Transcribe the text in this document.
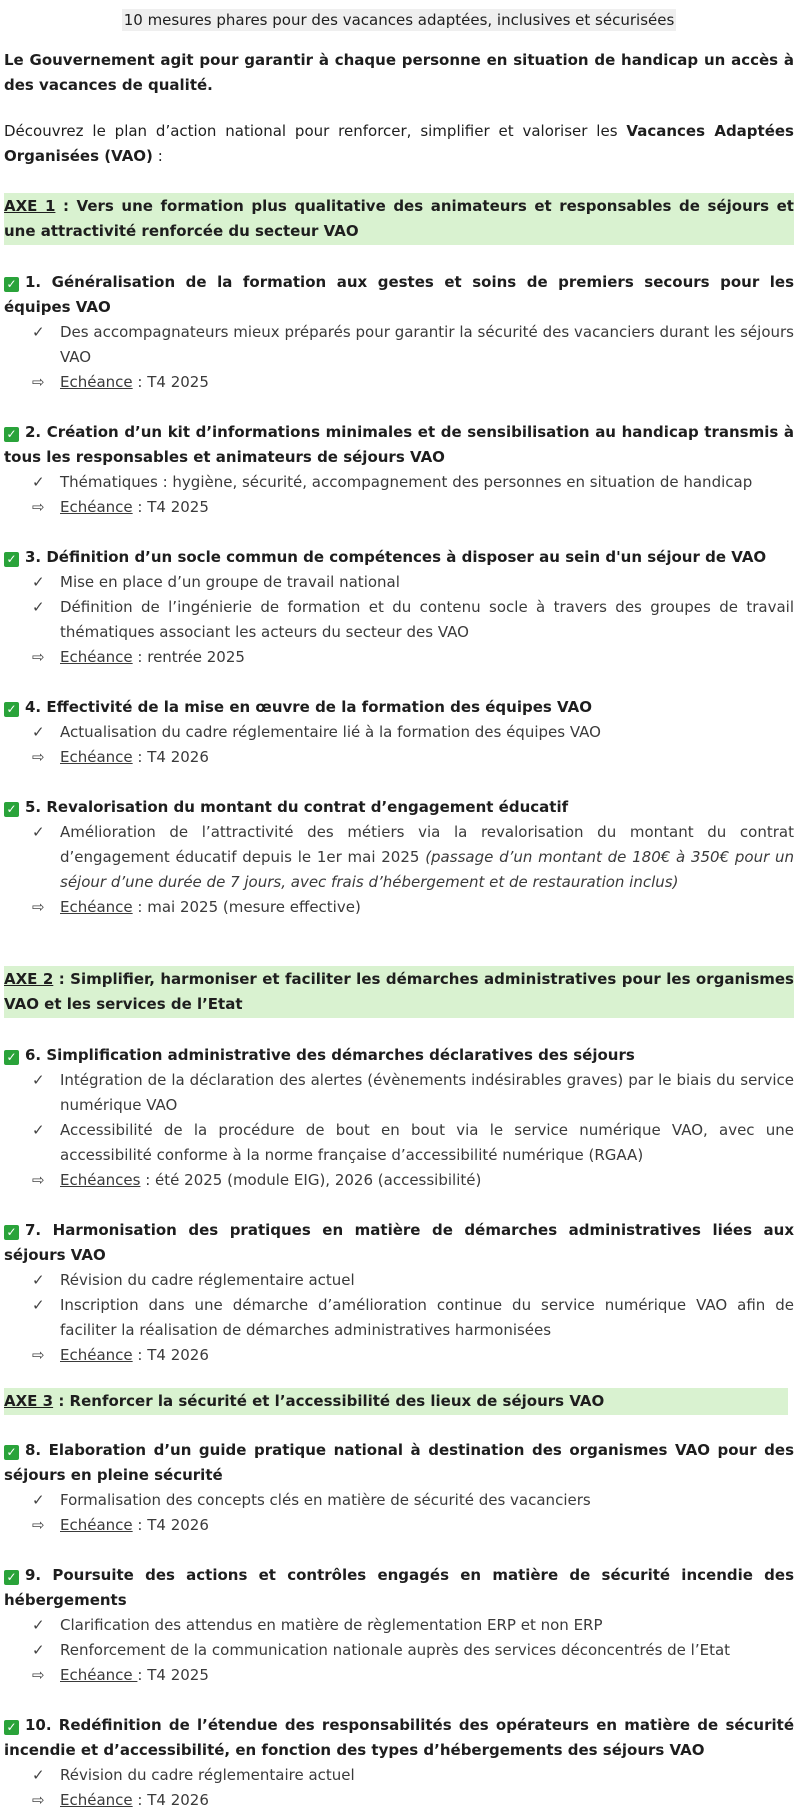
10 mesures phares pour des vacances adaptées, inclusives et sécurisées

Le Gouvernement agit pour garantir à chaque personne en situation de handicap un accès à des vacances de qualité.

Découvrez le plan d’action national pour renforcer, simplifier et valoriser les Vacances Adaptées Organisées (VAO) :

AXE 1 : Vers une formation plus qualitative des animateurs et responsables de séjours et une attractivité renforcée du secteur VAO

✓ 1. Généralisation de la formation aux gestes et soins de premiers secours pour les équipes VAO

✓	Des accompagnateurs mieux préparés pour garantir la sécurité des vacanciers durant les séjours VAO
⇨	Echéance : T4 2025

✓ 2. Création d’un kit d’informations minimales et de sensibilisation au handicap transmis à tous les responsables et animateurs de séjours VAO

✓	Thématiques : hygiène, sécurité, accompagnement des personnes en situation de handicap
⇨	Echéance : T4 2025

✓ 3. Définition d’un socle commun de compétences à disposer au sein d'un séjour de VAO

✓	Mise en place d’un groupe de travail national
✓	Définition de l’ingénierie de formation et du contenu socle à travers des groupes de travail thématiques associant les acteurs du secteur des VAO
⇨	Echéance : rentrée 2025

✓ 4. Effectivité de la mise en œuvre de la formation des équipes VAO

✓	Actualisation du cadre réglementaire lié à la formation des équipes VAO
⇨	Echéance : T4 2026

✓ 5. Revalorisation du montant du contrat d’engagement éducatif

✓	Amélioration de l’attractivité des métiers via la revalorisation du montant du contrat d’engagement éducatif depuis le 1er mai 2025 (passage d’un montant de 180€ à 350€ pour un séjour d’une durée de 7 jours, avec frais d’hébergement et de restauration inclus)
⇨	Echéance : mai 2025 (mesure effective)

AXE 2 : Simplifier, harmoniser et faciliter les démarches administratives pour les organismes VAO et les services de l’Etat

✓ 6. Simplification administrative des démarches déclaratives des séjours

✓	Intégration de la déclaration des alertes (évènements indésirables graves) par le biais du service numérique VAO
✓	Accessibilité de la procédure de bout en bout via le service numérique VAO, avec une accessibilité conforme à la norme française d’accessibilité numérique (RGAA)
⇨	Echéances : été 2025 (module EIG), 2026 (accessibilité)

✓ 7. Harmonisation des pratiques en matière de démarches administratives liées aux séjours VAO

✓	Révision du cadre réglementaire actuel
✓	Inscription dans une démarche d’amélioration continue du service numérique VAO afin de faciliter la réalisation de démarches administratives harmonisées
⇨	Echéance : T4 2026

AXE 3 : Renforcer la sécurité et l’accessibilité des lieux de séjours VAO

✓ 8. Elaboration d’un guide pratique national à destination des organismes VAO pour des séjours en pleine sécurité

✓	Formalisation des concepts clés en matière de sécurité des vacanciers
⇨	Echéance : T4 2026

✓ 9. Poursuite des actions et contrôles engagés en matière de sécurité incendie des hébergements

✓	Clarification des attendus en matière de règlementation ERP et non ERP
✓	Renforcement de la communication nationale auprès des services déconcentrés de l’Etat
⇨	Echéance : T4 2025

✓ 10. Redéfinition de l’étendue des responsabilités des opérateurs en matière de sécurité incendie et d’accessibilité, en fonction des types d’hébergements des séjours VAO

✓	Révision du cadre réglementaire actuel
⇨	Echéance : T4 2026
